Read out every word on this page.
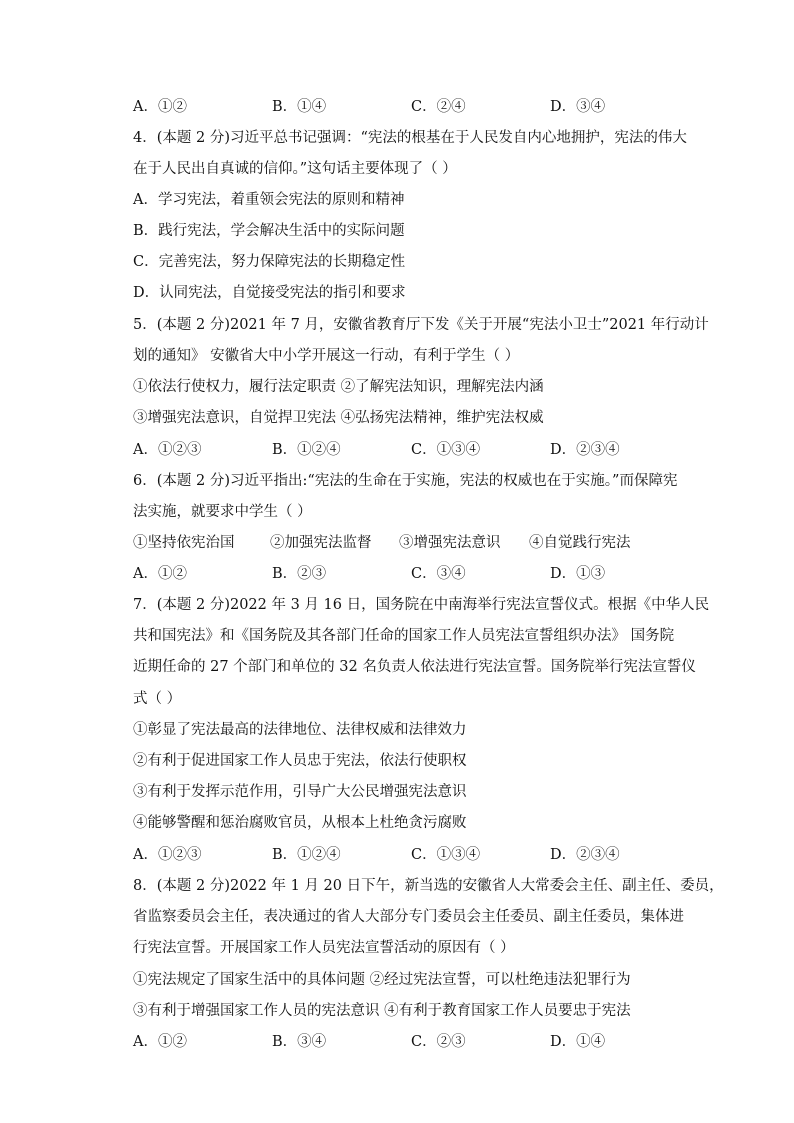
A．①②	B．①④	C．②④	D．③④
4．(本题 2 分)习近平总书记强调：“宪法的根基在于人民发自内心地拥护，宪法的伟大
在于人民出自真诚的信仰。”这句话主要体现了（ ）
A．学习宪法，着重领会宪法的原则和精神
B．践行宪法，学会解决生活中的实际问题
C．完善宪法，努力保障宪法的长期稳定性
D．认同宪法，自觉接受宪法的指引和要求
5．(本题 2 分)2021 年 7 月，安徽省教育厅下发《关于开展“宪法小卫士”2021 年行动计
划的通知》 安徽省大中小学开展这一行动，有利于学生（ ）
①依法行使权力，履行法定职责 ②了解宪法知识，理解宪法内涵
③增强宪法意识，自觉捍卫宪法 ④弘扬宪法精神，维护宪法权威
A．①②③	B．①②④	C．①③④	D．②③④
6．(本题 2 分)习近平指出:“宪法的生命在于实施，宪法的权威也在于实施。”而保障宪
法实施，就要求中学生（ ）
①坚持依宪治国 ②加强宪法监督 ③增强宪法意识 ④自觉践行宪法
A．①②	B．②③	C．③④	D．①③
7．(本题 2 分)2022 年 3 月 16 日，国务院在中南海举行宪法宣誓仪式。根据《中华人民
共和国宪法》和《国务院及其各部门任命的国家工作人员宪法宣誓组织办法》 国务院
近期任命的 27 个部门和单位的 32 名负责人依法进行宪法宣誓。国务院举行宪法宣誓仪
式（ ）
①彰显了宪法最高的法律地位、法律权威和法律效力
②有利于促进国家工作人员忠于宪法，依法行使职权
③有利于发挥示范作用，引导广大公民增强宪法意识
④能够警醒和惩治腐败官员，从根本上杜绝贪污腐败
A．①②③	B．①②④	C．①③④	D．②③④
8．(本题 2 分)2022 年 1 月 20 日下午，新当选的安徽省人大常委会主任、副主任、委员，
省监察委员会主任，表决通过的省人大部分专门委员会主任委员、副主任委员，集体进
行宪法宣誓。开展国家工作人员宪法宣誓活动的原因有（ ）
①宪法规定了国家生活中的具体问题 ②经过宪法宣誓，可以杜绝违法犯罪行为
③有利于增强国家工作人员的宪法意识 ④有利于教育国家工作人员要忠于宪法
A．①②	B．③④	C．②③	D．①④
